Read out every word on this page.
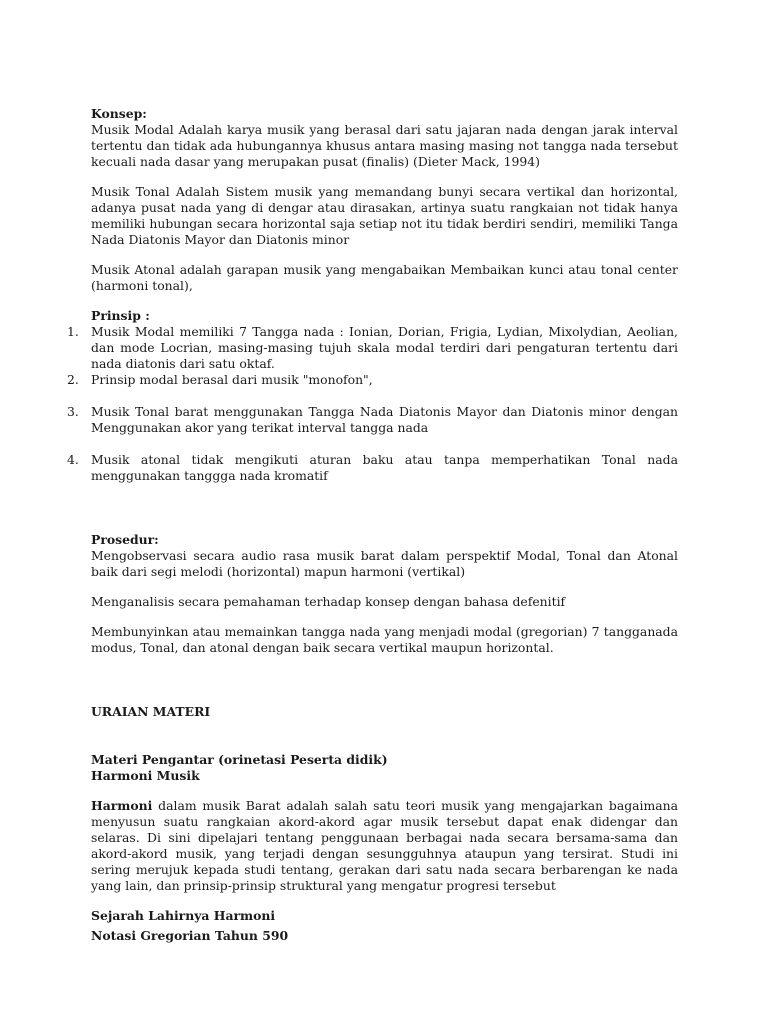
Konsep:

Musik Modal Adalah karya musik yang berasal dari satu jajaran nada dengan jarak interval tertentu dan tidak ada hubungannya khusus antara masing masing not tangga nada tersebut kecuali nada dasar yang merupakan pusat (finalis) (Dieter Mack, 1994)

Musik Tonal Adalah Sistem musik yang memandang bunyi secara vertikal dan horizontal, adanya pusat nada yang di dengar atau dirasakan, artinya suatu rangkaian not tidak hanya memiliki hubungan secara horizontal saja setiap not itu tidak berdiri sendiri, memiliki Tanga Nada Diatonis Mayor dan Diatonis minor

Musik Atonal adalah garapan musik yang mengabaikan Membaikan kunci atau tonal center (harmoni tonal),

Prinsip :

1. Musik Modal memiliki 7 Tangga nada : Ionian, Dorian, Frigia, Lydian, Mixolydian, Aeolian, dan mode Locrian, masing-masing tujuh skala modal terdiri dari pengaturan tertentu dari nada diatonis dari satu oktaf.
2. Prinsip modal berasal dari musik "monofon",
3. Musik Tonal barat menggunakan Tangga Nada Diatonis Mayor dan Diatonis minor dengan Menggunakan akor yang terikat interval tangga nada
4. Musik atonal tidak mengikuti aturan baku atau tanpa memperhatikan Tonal nada menggunakan tanggga nada kromatif

Prosedur:

Mengobservasi secara audio rasa musik barat dalam perspektif Modal, Tonal dan Atonal baik dari segi melodi (horizontal) mapun harmoni (vertikal)

Menganalisis secara pemahaman terhadap konsep dengan bahasa defenitif

Membunyinkan atau memainkan tangga nada yang menjadi modal (gregorian) 7 tangganada modus, Tonal, dan atonal dengan baik secara vertikal maupun horizontal.

URAIAN MATERI

Materi Pengantar (orinetasi Peserta didik)

Harmoni Musik

Harmoni dalam musik Barat adalah salah satu teori musik yang mengajarkan bagaimana menyusun suatu rangkaian akord-akord agar musik tersebut dapat enak didengar dan selaras. Di sini dipelajari tentang penggunaan berbagai nada secara bersama-sama dan akord-akord musik, yang terjadi dengan sesungguhnya ataupun yang tersirat. Studi ini sering merujuk kepada studi tentang, gerakan dari satu nada secara berbarengan ke nada yang lain, dan prinsip-prinsip struktural yang mengatur progresi tersebut

Sejarah Lahirnya Harmoni

Notasi Gregorian Tahun 590
